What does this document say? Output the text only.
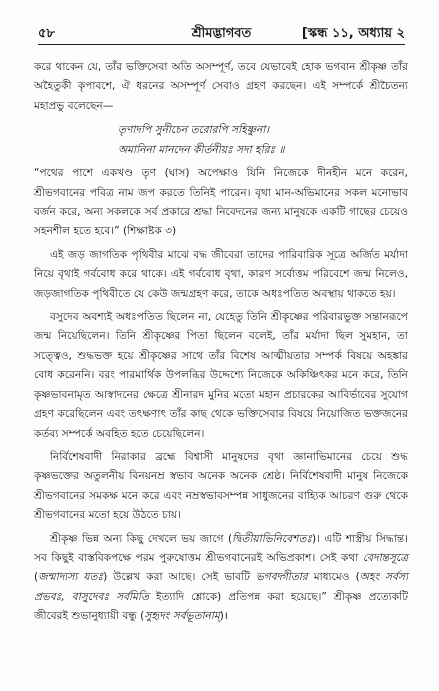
৫৮	শ্রীমদ্ভাগবত	[স্কন্ধ ১১, অধ্যায় ২

করে থাকেন যে, তাঁর ভক্তিসেবা অতি অসম্পূর্ণ, তবে যেভাবেই হোক ভগবান শ্রীকৃষ্ণ তাঁর অহৈতুকী কৃপাবশে, ঐ ধরনের অসম্পূর্ণ সেবাও গ্রহণ করছেন। এই সম্পর্কে শ্রীচৈতন্য মহাপ্রভু বলেছেন—

তৃণাদপি সুনীচেন তরোরপি সহিষ্ণুনা।
অমানিনা মানদেন কীর্তনীয়ঃ সদা হরিঃ ॥

“পথের পাশে একখণ্ড তৃণ (ঘাস) অপেক্ষাও যিনি নিজেকে দীনহীন মনে করেন, শ্রীভগবানের পবিত্র নাম জপ করতে তিনিই পারেন। বৃথা মান-অভিমানের সকল মনোভাব বর্জন করে, অন্য সকলকে সর্ব প্রকারে শ্রদ্ধা নিবেদনের জন্য মানুষকে একটি গাছের চেয়েও সহনশীল হতে হবে।” (শিক্ষাষ্টক ৩)

এই জড় জাগতিক পৃথিবীর মাঝে বদ্ধ জীবেরা তাদের পারিবারিক সূত্রে অর্জিত মর্যাদা নিয়ে বৃথাই গর্ববোধ করে থাকে। এই গর্ববোধ বৃথা, কারণ সর্বোত্তম পরিবেশে জন্ম নিলেও, জড়জাগতিক পৃথিবীতে যে কেউ জন্মগ্রহণ করে, তাকে অধঃপতিত অবস্থায় থাকতে হয়।

বসুদেব অবশ্যই অধঃপতিত ছিলেন না, যেহেতু তিনি শ্রীকৃষ্ণের পরিবারভুক্ত সন্তানরূপে জন্ম নিয়েছিলেন। তিনি শ্রীকৃষ্ণের পিতা ছিলেন বলেই, তাঁর মর্যাদা ছিল সুমহান, তা সত্ত্বেও, শুদ্ধভক্ত হয়ে শ্রীকৃষ্ণের সাথে তাঁর বিশেষ আত্মীয়তার সম্পর্ক বিষয়ে অহঙ্কার বোধ করেননি। বরং পারমার্থিক উপলব্ধির উদ্দেশ্যে নিজেকে অকিঞ্চিৎকর মনে করে, তিনি কৃষ্ণভাবনামৃত আস্বাদনের ক্ষেত্রে শ্রীনারদ মুনির মতো মহান প্রচারকের আবির্ভাবের সুযোগ গ্রহণ করেছিলেন এবং তৎক্ষণাৎ তাঁর কাছ থেকে ভক্তিসেবার বিষয়ে নিয়োজিত ভক্তজনের কর্তব্য সম্পর্কে অবহিত হতে চেয়েছিলেন।

নির্বিশেষবাদী নিরাকার ব্রহ্মে বিশ্বাসী মানুষদের বৃথা জ্ঞানাভিমানের চেয়ে শুদ্ধ কৃষ্ণভক্তের অতুলনীয় বিনয়নম্র স্বভাব অনেক অনেক শ্রেষ্ঠ। নির্বিশেষবাদী মানুষ নিজেকে শ্রীভগবানের সমকক্ষ মনে করে এবং নম্রস্বভাবসম্পন্ন সাধুজনের বাহ্যিক আচরণ গুরু থেকে শ্রীভগবানের মতো হয়ে উঠতে চায়।

শ্রীকৃষ্ণ ভিন্ন অন্য কিছু দেখলে ভয় জাগে (দ্বিতীয়াভিনিবেশতঃ)। এটি শাস্ত্রীয় সিদ্ধান্ত। সব কিছুই বাস্তবিকপক্ষে পরম পুরুষোত্তম শ্রীভগবানেরই অভিপ্রকাশ। সেই কথা বেদান্তসূত্রে (জন্মাদ্যস্য যতঃ) উল্লেখ করা আছে। সেই ভাবটি ভগবদ্গীতার মাধ্যমেও (অহং সর্বস্য প্রভবঃ, বাসুদেবঃ সর্বমিতি ইত্যাদি শ্লোকে) প্রতিপন্ন করা হয়েছে।” শ্রীকৃষ্ণ প্রত্যেকটি জীবেরই শুভানুধ্যায়ী বন্ধু (সুহৃদং সর্বভূতানাম্)।
